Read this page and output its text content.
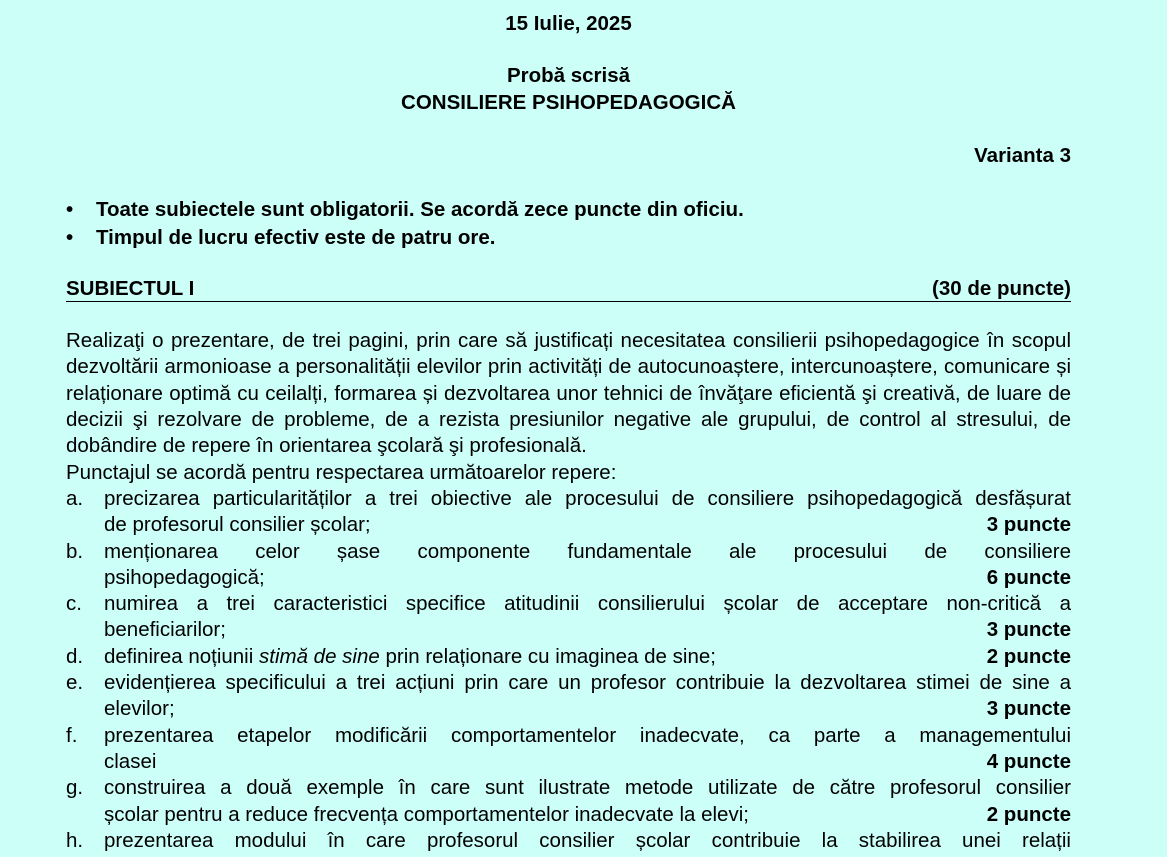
15 Iulie, 2025
Probă scrisă
CONSILIERE PSIHOPEDAGOGICĂ
Varianta 3
• Toate subiectele sunt obligatorii. Se acordă zece puncte din oficiu.
• Timpul de lucru efectiv este de patru ore.
SUBIECTUL I	(30 de puncte)
Realizaţi o prezentare, de trei pagini, prin care să justificați necesitatea consilierii psihopedagogice în scopul dezvoltării armonioase a personalității elevilor prin activități de autocunoaștere, intercunoaștere, comunicare și relaționare optimă cu ceilalți, formarea și dezvoltarea unor tehnici de învăţare eficientă şi creativă, de luare de decizii şi rezolvare de probleme, de a rezista presiunilor negative ale grupului, de control al stresului, de dobândire de repere în orientarea şcolară şi profesională.
Punctajul se acordă pentru respectarea următoarelor repere:
a. precizarea particularităților a trei obiective ale procesului de consiliere psihopedagogică desfășurat
de profesorul consilier școlar;	3 puncte
b. menționarea celor șase componente fundamentale ale procesului de consiliere
psihopedagogică;	6 puncte
c. numirea a trei caracteristici specifice atitudinii consilierului școlar de acceptare non-critică a
beneficiarilor;	3 puncte
d. definirea noțiunii stimă de sine prin relaționare cu imaginea de sine;	2 puncte
e. evidențierea specificului a trei acțiuni prin care un profesor contribuie la dezvoltarea stimei de sine a
elevilor;	3 puncte
f. prezentarea etapelor modificării comportamentelor inadecvate, ca parte a managementului
clasei	4 puncte
g. construirea a două exemple în care sunt ilustrate metode utilizate de către profesorul consilier
școlar pentru a reduce frecvența comportamentelor inadecvate la elevi;	2 puncte
h. prezentarea modului în care profesorul consilier școlar contribuie la stabilirea unei relații
